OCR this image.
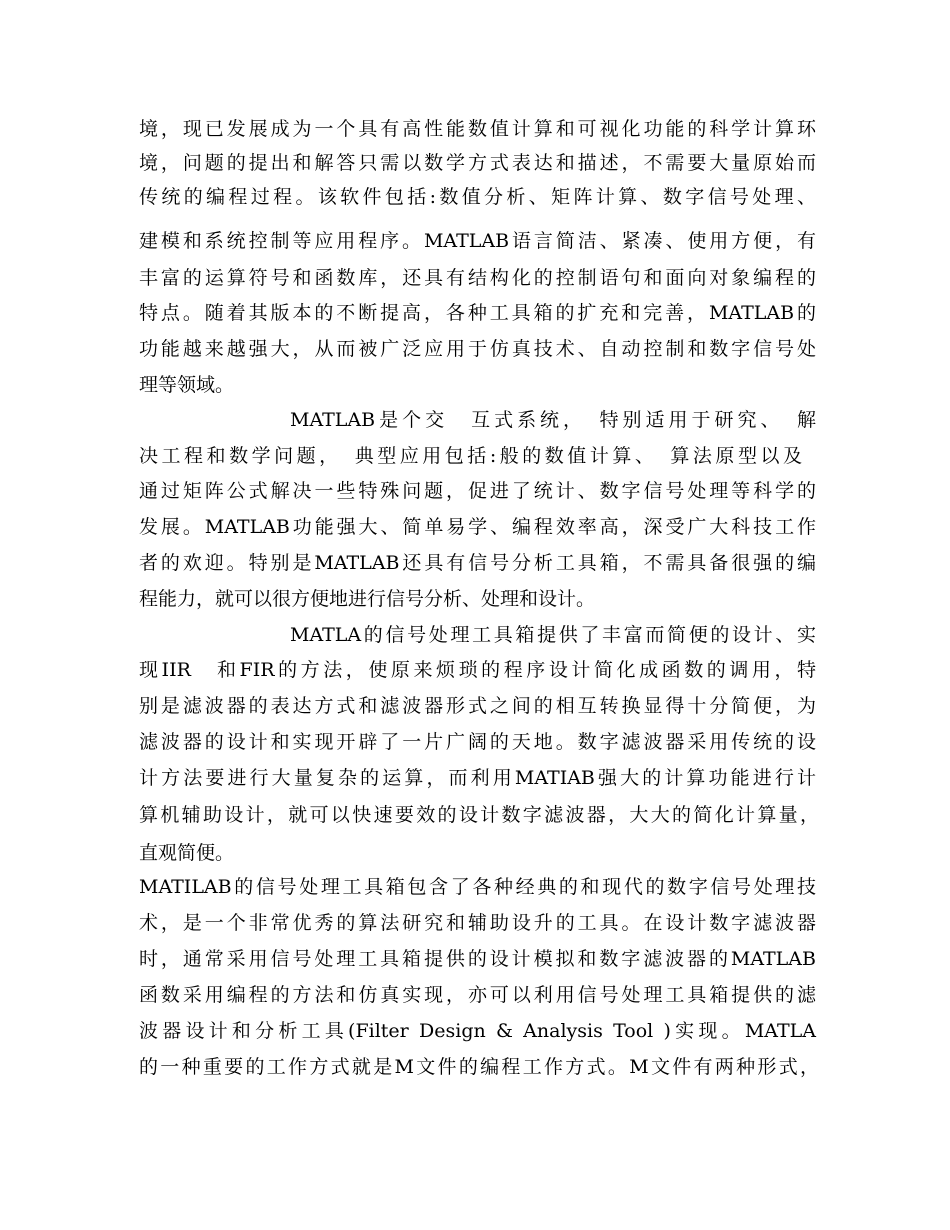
境，现已发展成为一个具有高性能数值计算和可视化功能的科学计算环
境，问题的提出和解答只需以数学方式表达和描述，不需要大量原始而
传统的编程过程。该软件包括:数值分析、矩阵计算、数字信号处理、
建模和系统控制等应用程序。MATLAB语言简洁、紧凑、使用方便，有
丰富的运算符号和函数库，还具有结构化的控制语句和面向对象编程的
特点。随着其版本的不断提高，各种工具箱的扩充和完善，MATLAB的
功能越来越强大，从而被广泛应用于仿真技术、自动控制和数字信号处
理等领域。
MATLAB是个交　互式系统，　特别适用于研究、　解
决工程和数学问题，　典型应用包括:般的数值计算、　算法原型以及
通过矩阵公式解决一些特殊问题，促进了统计、数字信号处理等科学的
发展。MATLAB功能强大、简单易学、编程效率高，深受广大科技工作
者的欢迎。特别是MATLAB还具有信号分析工具箱，不需具备很强的编
程能力，就可以很方便地进行信号分析、处理和设计。
MATLA的信号处理工具箱提供了丰富而简便的设计、实
现IIR　和FIR的方法，使原来烦琐的程序设计简化成函数的调用，特
别是滤波器的表达方式和滤波器形式之间的相互转换显得十分简便，为
滤波器的设计和实现开辟了一片广阔的天地。数字滤波器采用传统的设
计方法要进行大量复杂的运算，而利用MATIAB强大的计算功能进行计
算机辅助设计，就可以快速要效的设计数字滤波器，大大的简化计算量，
直观简便。
MATILAB的信号处理工具箱包含了各种经典的和现代的数字信号处理技
术，是一个非常优秀的算法研究和辅助设升的工具。在设计数字滤波器
时，通常采用信号处理工具箱提供的设计模拟和数字滤波器的MATLAB
函数采用编程的方法和仿真实现，亦可以利用信号处理工具箱提供的滤
波器设计和分析工具(Filter Design & Analysis Tool )实现。MATLA
的一种重要的工作方式就是M文件的编程工作方式。M文件有两种形式，
